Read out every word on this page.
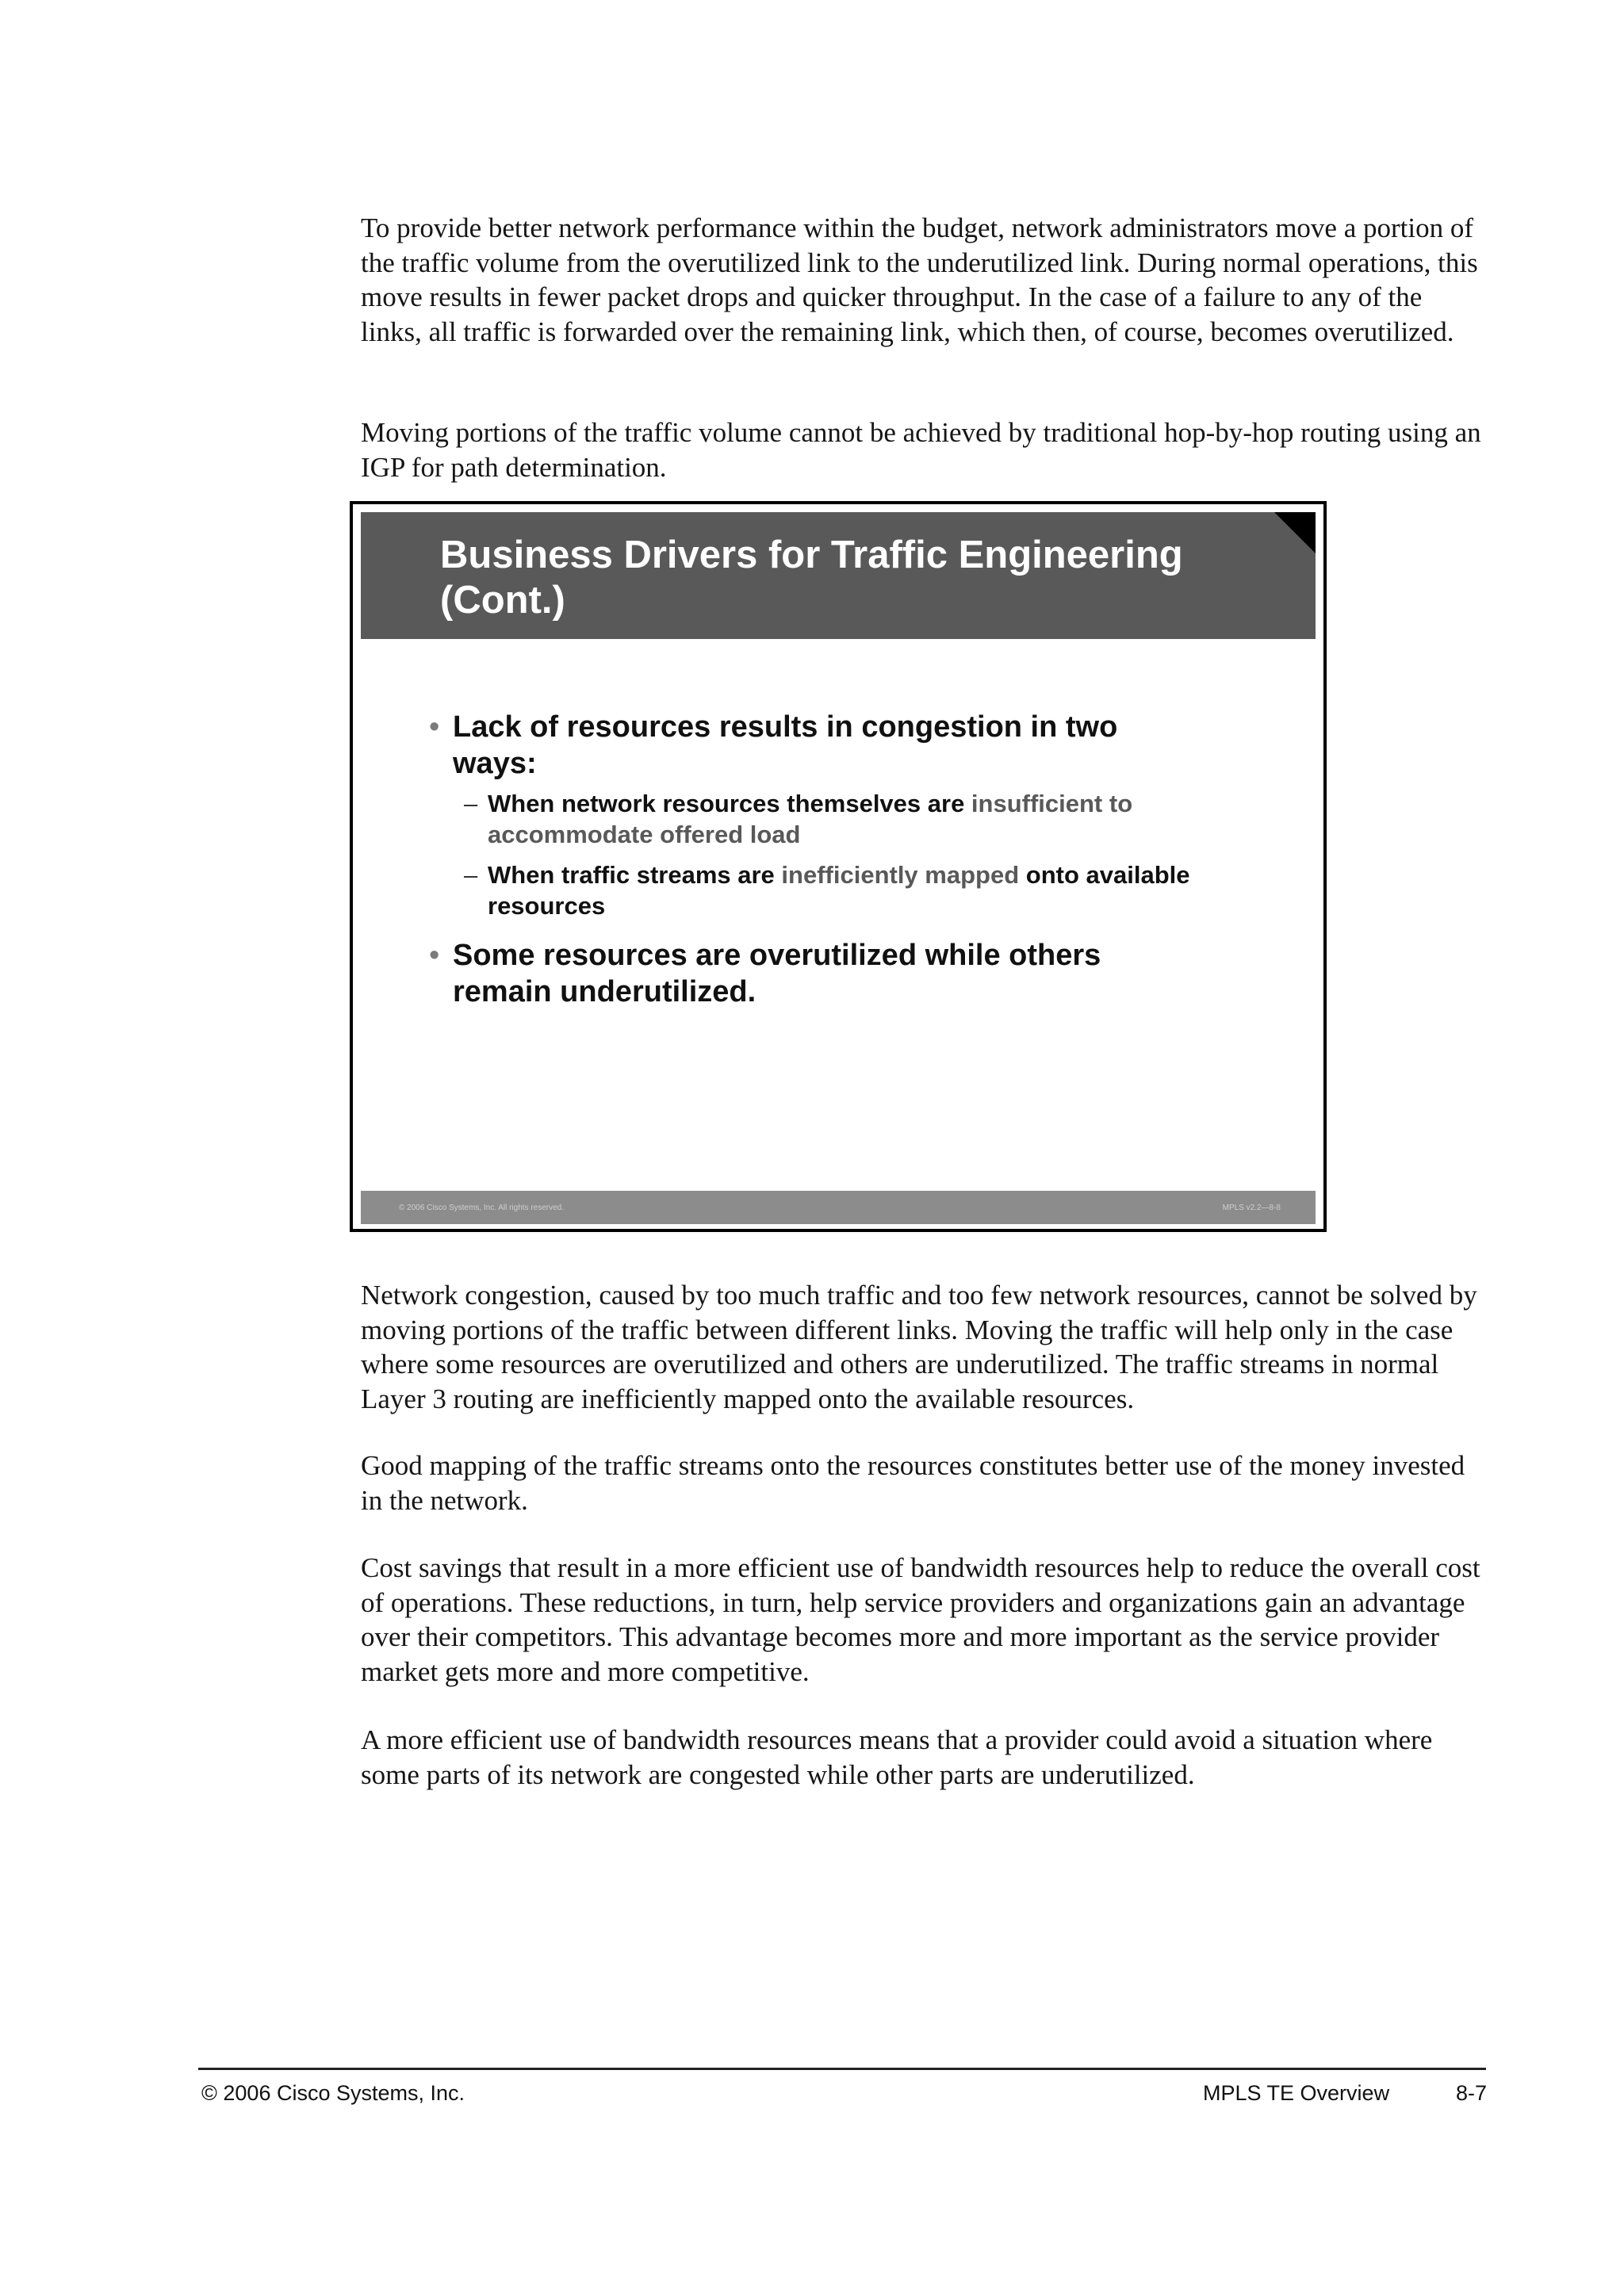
To provide better network performance within the budget, network administrators move a portion of the traffic volume from the overutilized link to the underutilized link. During normal operations, this move results in fewer packet drops and quicker throughput. In the case of a failure to any of the links, all traffic is forwarded over the remaining link, which then, of course, becomes overutilized.

Moving portions of the traffic volume cannot be achieved by traditional hop-by-hop routing using an IGP for path determination.

Business Drivers for Traffic Engineering
(Cont.)
• Lack of resources results in congestion in two ways:
– When network resources themselves are insufficient to accommodate offered load
– When traffic streams are inefficiently mapped onto available resources
• Some resources are overutilized while others remain underutilized.
© 2006 Cisco Systems, Inc. All rights reserved.	MPLS v2.2—8-8

Network congestion, caused by too much traffic and too few network resources, cannot be solved by moving portions of the traffic between different links. Moving the traffic will help only in the case where some resources are overutilized and others are underutilized. The traffic streams in normal Layer 3 routing are inefficiently mapped onto the available resources.

Good mapping of the traffic streams onto the resources constitutes better use of the money invested in the network.

Cost savings that result in a more efficient use of bandwidth resources help to reduce the overall cost of operations. These reductions, in turn, help service providers and organizations gain an advantage over their competitors. This advantage becomes more and more important as the service provider market gets more and more competitive.

A more efficient use of bandwidth resources means that a provider could avoid a situation where some parts of its network are congested while other parts are underutilized.

© 2006 Cisco Systems, Inc.	MPLS TE Overview	8-7
